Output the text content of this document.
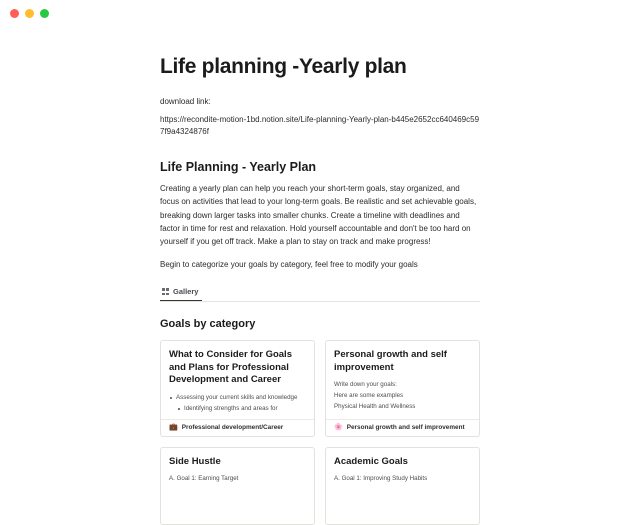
Life planning -Yearly plan

download link:

https://recondite-motion-1bd.notion.site/Life-planning-Yearly-plan-b445e2652cc640469c597f9a4324876f
Life Planning - Yearly Plan

Creating a yearly plan can help you reach your short-term goals, stay organized, and focus on activities that lead to your long-term goals. Be realistic and set achievable goals, breaking down larger tasks into smaller chunks. Create a timeline with deadlines and factor in time for rest and relaxation. Hold yourself accountable and don't be too hard on yourself if you get off track. Make a plan to stay on track and make progress!

Begin to categorize your goals by category, feel free to modify your goals

Gallery
Goals by category
What to Consider for Goals and Plans for Professional Development and Career
Assessing your current skills and knowledge
Identifying strengths and areas for
💼 Professional development/Career
Personal growth and self improvement
Write down your goals:
Here are some examples
Physical Health and Wellness
🌸 Personal growth and self improvement
Side Hustle
A. Goal 1: Earning Target
Academic Goals
A. Goal 1: Improving Study Habits
